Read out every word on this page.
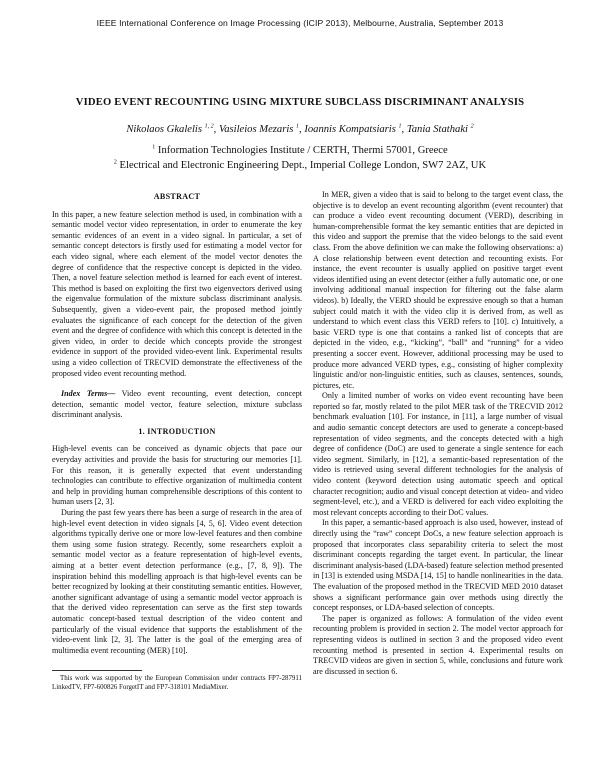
IEEE International Conference on Image Processing (ICIP 2013), Melbourne, Australia, September 2013
VIDEO EVENT RECOUNTING USING MIXTURE SUBCLASS DISCRIMINANT ANALYSIS
Nikolaos Gkalelis $^{1, 2}$, Vasileios Mezaris $^1$, Ioannis Kompatsiaris $^1$, Tania Stathaki $^2$
$^1$ Information Technologies Institute / CERTH, Thermi 57001, Greece
$^2$ Electrical and Electronic Engineering Dept., Imperial College London, SW7 2AZ, UK
ABSTRACT

In this paper, a new feature selection method is used, in combination with a semantic model vector video representation, in order to enumerate the key semantic evidences of an event in a video signal. In particular, a set of semantic concept detectors is firstly used for estimating a model vector for each video signal, where each element of the model vector denotes the degree of confidence that the respective concept is depicted in the video. Then, a novel feature selection method is learned for each event of interest. This method is based on exploiting the first two eigenvectors derived using the eigenvalue formulation of the mixture subclass discriminant analysis. Subsequently, given a video-event pair, the proposed method jointly evaluates the significance of each concept for the detection of the given event and the degree of confidence with which this concept is detected in the given video, in order to decide which concepts provide the strongest evidence in support of the provided video-event link. Experimental results using a video collection of TRECVID demonstrate the effectiveness of the proposed video event recounting method.

Index Terms— Video event recounting, event detection, concept detection, semantic model vector, feature selection, mixture subclass discriminant analysis.

1. INTRODUCTION

High-level events can be conceived as dynamic objects that pace our everyday activities and provide the basis for structuring our memories [1]. For this reason, it is generally expected that event understanding technologies can contribute to effective organization of multimedia content and help in providing human comprehensible descriptions of this content to human users [2, 3].

During the past few years there has been a surge of research in the area of high-level event detection in video signals [4, 5, 6]. Video event detection algorithms typically derive one or more low-level features and then combine them using some fusion strategy. Recently, some researchers exploit a semantic model vector as a feature representation of high-level events, aiming at a better event detection performance (e.g., [7, 8, 9]). The inspiration behind this modelling approach is that high-level events can be better recognized by looking at their constituting semantic entities. However, another significant advantage of using a semantic model vector approach is that the derived video representation can serve as the first step towards automatic concept-based textual description of the video content and particularly of the visual evidence that supports the establishment of the video-event link [2, 3]. The latter is the goal of the emerging area of multimedia event recounting (MER) [10].

This work was supported by the European Commission under contracts FP7-287911 LinkedTV, FP7-600826 ForgetIT and FP7-318101 MediaMixer.

In MER, given a video that is said to belong to the target event class, the objective is to develop an event recounting algorithm (event recounter) that can produce a video event recounting document (VERD), describing in human-comprehensible format the key semantic entities that are depicted in this video and support the premise that the video belongs to the said event class. From the above definition we can make the following observations: a) A close relationship between event detection and recounting exists. For instance, the event recounter is usually applied on positive target event videos identified using an event detector (either a fully automatic one, or one involving additional manual inspection for filtering out the false alarm videos). b) Ideally, the VERD should be expressive enough so that a human subject could match it with the video clip it is derived from, as well as understand to which event class this VERD refers to [10]. c) Intuitively, a basic VERD type is one that contains a ranked list of concepts that are depicted in the video, e.g., “kicking”, “ball” and “running” for a video presenting a soccer event. However, additional processing may be used to produce more advanced VERD types, e.g., consisting of higher complexity linguistic and/or non-linguistic entities, such as clauses, sentences, sounds, pictures, etc.

Only a limited number of works on video event recounting have been reported so far, mostly related to the pilot MER task of the TRECVID 2012 benchmark evaluation [10]. For instance, in [11], a large number of visual and audio semantic concept detectors are used to generate a concept-based representation of video segments, and the concepts detected with a high degree of confidence (DoC) are used to generate a single sentence for each video segment. Similarly, in [12], a semantic-based representation of the video is retrieved using several different technologies for the analysis of video content (keyword detection using automatic speech and optical character recognition; audio and visual concept detection at video- and video segment-level, etc.), and a VERD is delivered for each video exploiting the most relevant concepts according to their DoC values.

In this paper, a semantic-based approach is also used, however, instead of directly using the “raw” concept DoCs, a new feature selection approach is proposed that incorporates class separability criteria to select the most discriminant concepts regarding the target event. In particular, the linear discriminant analysis-based (LDA-based) feature selection method presented in [13] is extended using MSDA [14, 15] to handle nonlinearities in the data. The evaluation of the proposed method in the TRECVID MED 2010 dataset shows a significant performance gain over methods using directly the concept responses, or LDA-based selection of concepts.

The paper is organized as follows: A formulation of the video event recounting problem is provided in section 2. The model vector approach for representing videos is outlined in section 3 and the proposed video event recounting method is presented in section 4. Experimental results on TRECVID videos are given in section 5, while, conclusions and future work are discussed in section 6.
